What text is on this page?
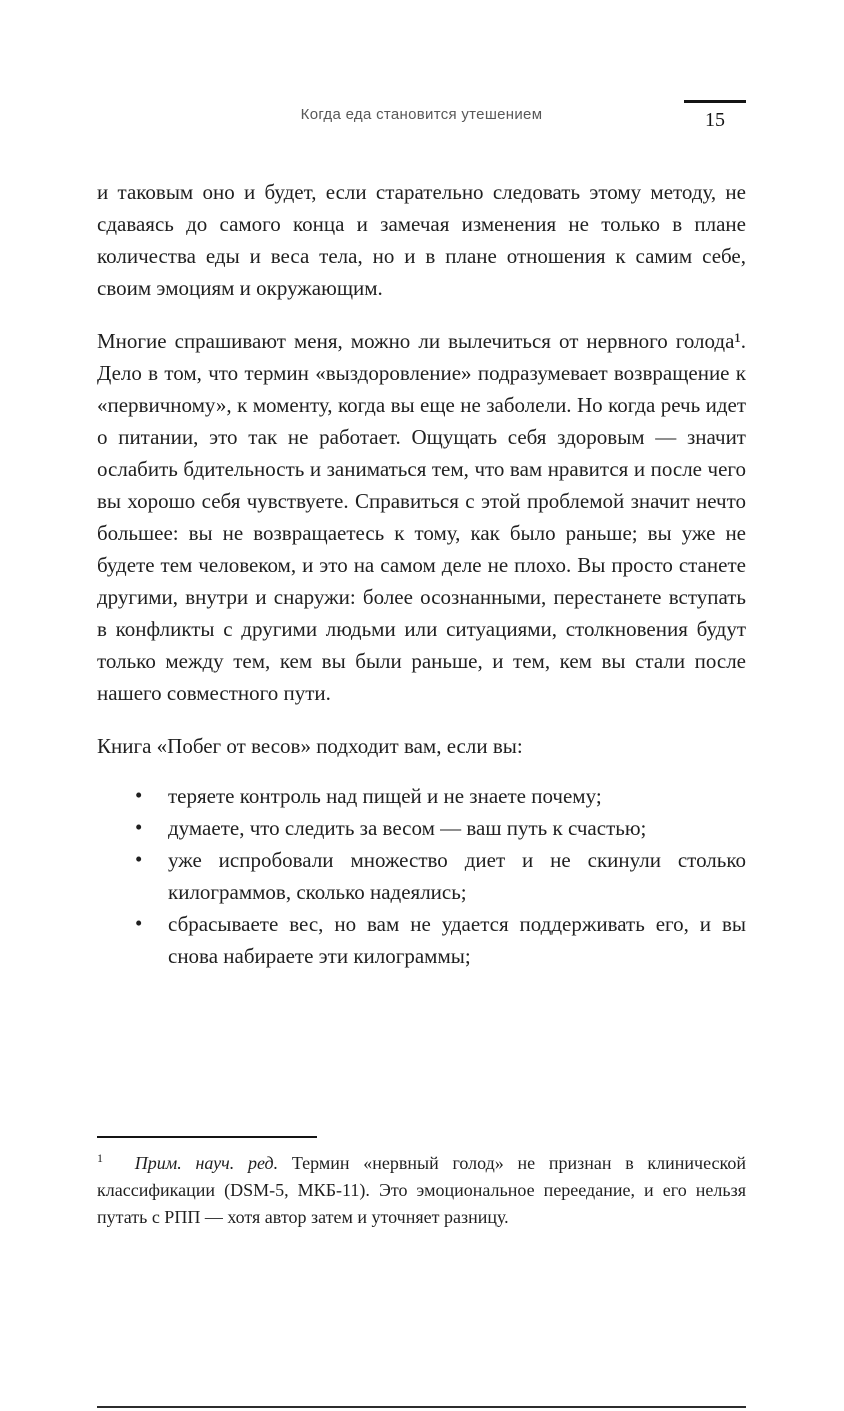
Когда еда становится утешением	15

и таковым оно и будет, если старательно следовать этому методу, не сдаваясь до самого конца и замечая изменения не только в плане количества еды и веса тела, но и в плане отношения к самим себе, своим эмоциям и окружающим.

Многие спрашивают меня, можно ли вылечиться от нервного голода¹. Дело в том, что термин «выздоровление» подразумевает возвращение к «первичному», к моменту, когда вы еще не заболели. Но когда речь идет о питании, это так не работает. Ощущать себя здоровым — значит ослабить бдительность и заниматься тем, что вам нравится и после чего вы хорошо себя чувствуете. Справиться с этой проблемой значит нечто большее: вы не возвращаетесь к тому, как было раньше; вы уже не будете тем человеком, и это на самом деле не плохо. Вы просто станете другими, внутри и снаружи: более осознанными, перестанете вступать в конфликты с другими людьми или ситуациями, столкновения будут только между тем, кем вы были раньше, и тем, кем вы стали после нашего совместного пути.

Книга «Побег от весов» подходит вам, если вы:

• теряете контроль над пищей и не знаете почему;
• думаете, что следить за весом — ваш путь к счастью;
• уже испробовали множество диет и не скинули столько килограммов, сколько надеялись;
• сбрасываете вес, но вам не удается поддерживать его, и вы снова набираете эти килограммы;

$^1$ Прим. науч. ред. Термин «нервный голод» не признан в клинической классификации (DSM-5, МКБ-11). Это эмоциональное переедание, и его нельзя путать с РПП — хотя автор затем и уточняет разницу.
